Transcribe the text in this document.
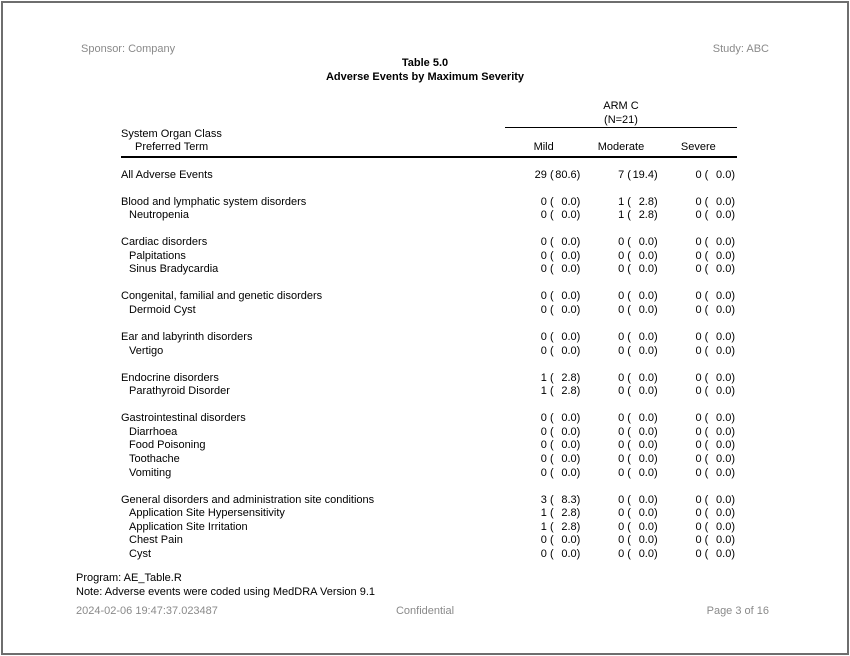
Sponsor: Company	Study: ABC
Table 5.0
Adverse Events by Maximum Severity
System Organ Class
Preferred Term
ARM C
(N=21)
Mild	Moderate	Severe
All Adverse Events	29 ( 80.6)	7 ( 19.4)	0 ( 0.0)
Blood and lymphatic system disorders	0 ( 0.0)	1 ( 2.8)	0 ( 0.0)
Neutropenia	0 ( 0.0)	1 ( 2.8)	0 ( 0.0)
Cardiac disorders	0 ( 0.0)	0 ( 0.0)	0 ( 0.0)
Palpitations	0 ( 0.0)	0 ( 0.0)	0 ( 0.0)
Sinus Bradycardia	0 ( 0.0)	0 ( 0.0)	0 ( 0.0)
Congenital, familial and genetic disorders	0 ( 0.0)	0 ( 0.0)	0 ( 0.0)
Dermoid Cyst	0 ( 0.0)	0 ( 0.0)	0 ( 0.0)
Ear and labyrinth disorders	0 ( 0.0)	0 ( 0.0)	0 ( 0.0)
Vertigo	0 ( 0.0)	0 ( 0.0)	0 ( 0.0)
Endocrine disorders	1 ( 2.8)	0 ( 0.0)	0 ( 0.0)
Parathyroid Disorder	1 ( 2.8)	0 ( 0.0)	0 ( 0.0)
Gastrointestinal disorders	0 ( 0.0)	0 ( 0.0)	0 ( 0.0)
Diarrhoea	0 ( 0.0)	0 ( 0.0)	0 ( 0.0)
Food Poisoning	0 ( 0.0)	0 ( 0.0)	0 ( 0.0)
Toothache	0 ( 0.0)	0 ( 0.0)	0 ( 0.0)
Vomiting	0 ( 0.0)	0 ( 0.0)	0 ( 0.0)
General disorders and administration site conditions	3 ( 8.3)	0 ( 0.0)	0 ( 0.0)
Application Site Hypersensitivity	1 ( 2.8)	0 ( 0.0)	0 ( 0.0)
Application Site Irritation	1 ( 2.8)	0 ( 0.0)	0 ( 0.0)
Chest Pain	0 ( 0.0)	0 ( 0.0)	0 ( 0.0)
Cyst	0 ( 0.0)	0 ( 0.0)	0 ( 0.0)
Program: AE_Table.R
Note: Adverse events were coded using MedDRA Version 9.1
2024-02-06 19:47:37.023487	Confidential	Page 3 of 16
